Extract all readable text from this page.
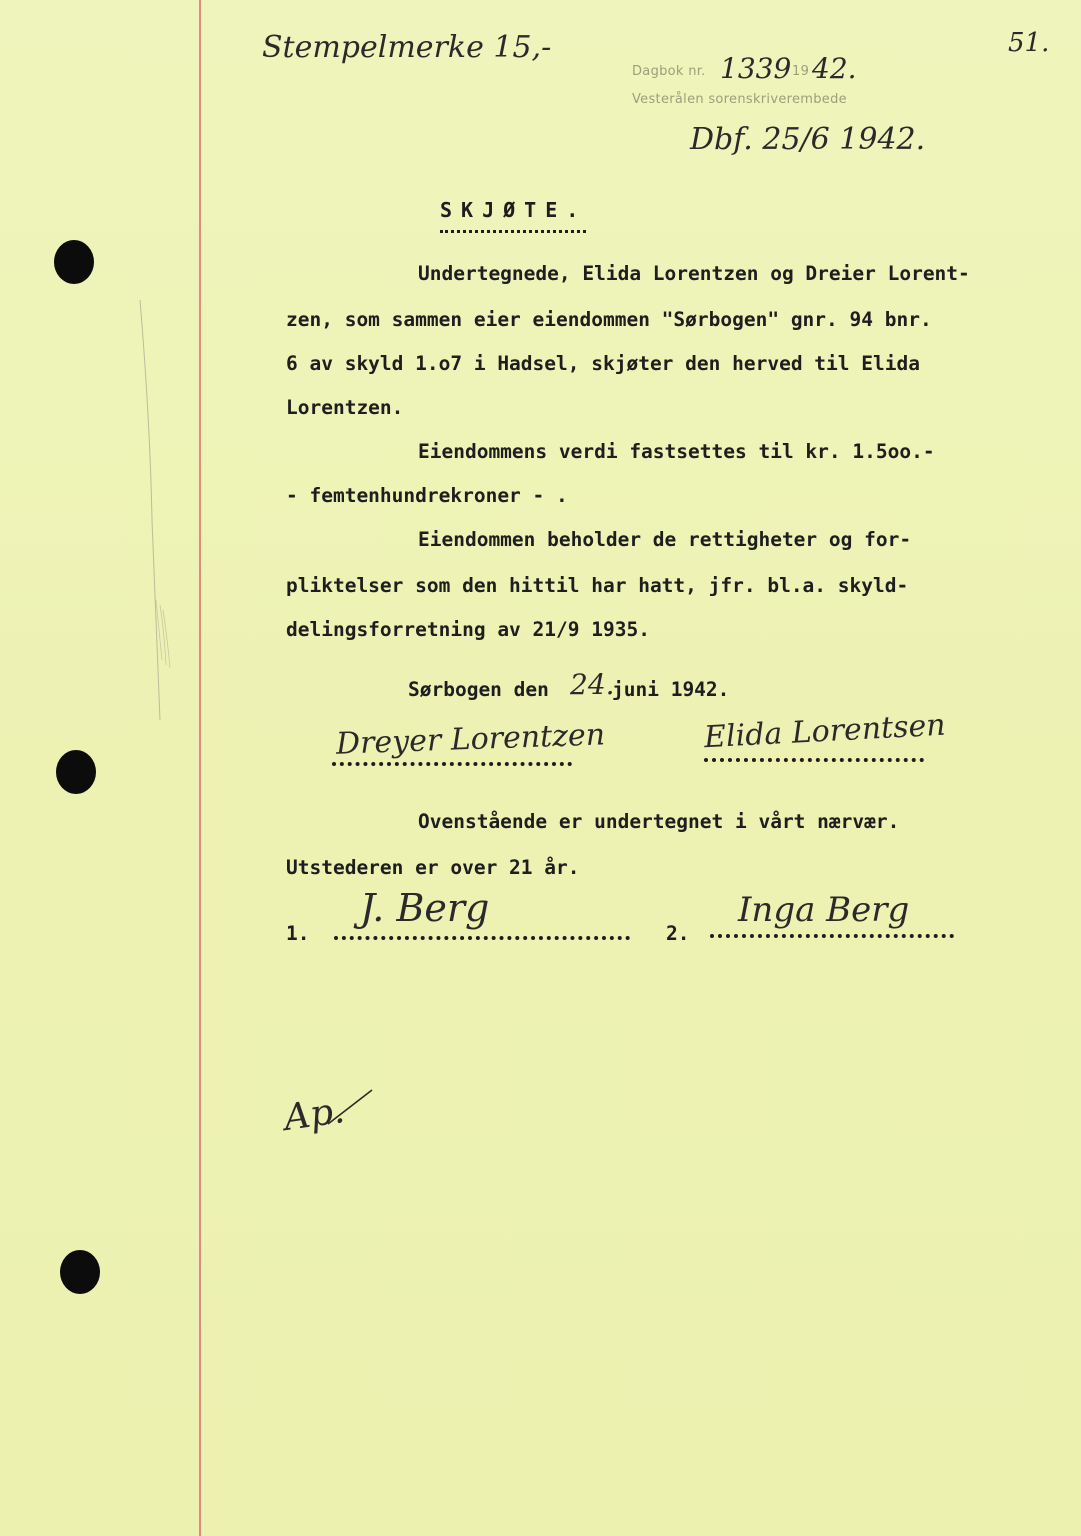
Stempelmerke 15,-	51.
Dagbok nr. 1339 19 42.
Vesterålen sorenskriverembede
Dbf. 25/6 1942.
SKJØTE.
Undertegnede, Elida Lorentzen og Dreier Lorent-
zen, som sammen eier eiendommen "Sørbogen" gnr. 94 bnr.
6 av skyld 1.o7 i Hadsel, skjøter den herved til Elida
Lorentzen.
Eiendommens verdi fastsettes til kr. 1.5oo.-
- femtenhundrekroner - .
Eiendommen beholder de rettigheter og for-
pliktelser som den hittil har hatt, jfr. bl.a. skyld-
delingsforretning av 21/9 1935.
Sørbogen den 24.
juni 1942.
Dreyer Lorentzen	Elida Lorentsen
Ovenstående er undertegnet i vårt nærvær.
Utstederen er over 21 år.
1.
J. Berg
2.
Inga Berg
Ap.
